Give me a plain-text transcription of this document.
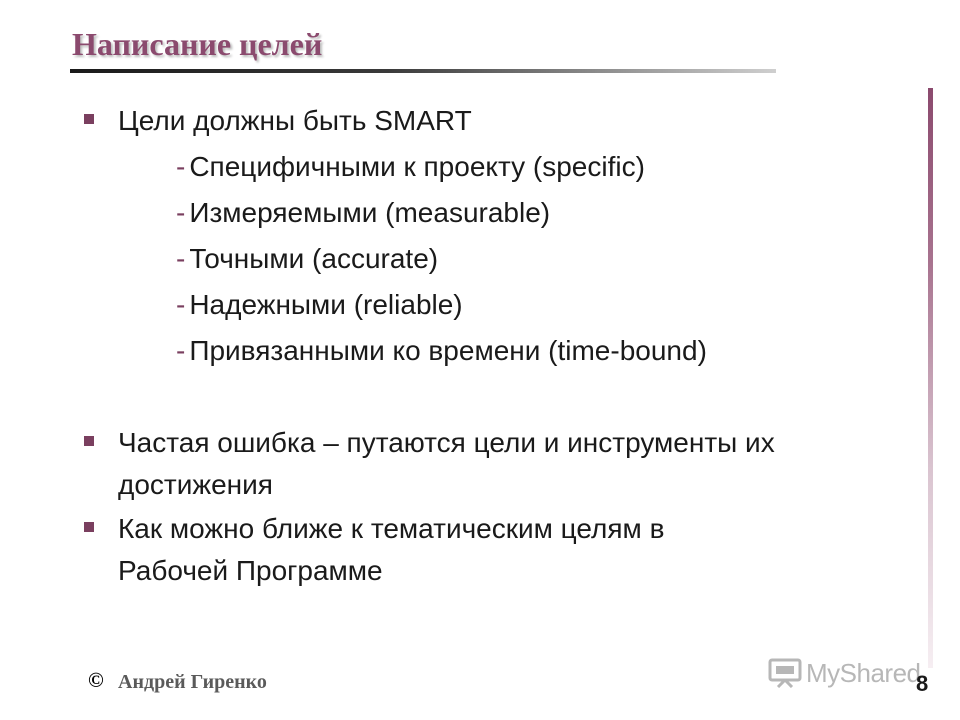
Написание целей
Цели должны быть SMART
- Специфичными к проекту (specific)
- Измеряемыми (measurable)
- Точными (accurate)
- Надежными (reliable)
- Привязанными ко времени (time-bound)
Частая ошибка – путаются цели и инструменты их
достижения
Как можно ближе к тематическим целям в
Рабочей Программе
© Андрей Гиренко	MyShared
8
